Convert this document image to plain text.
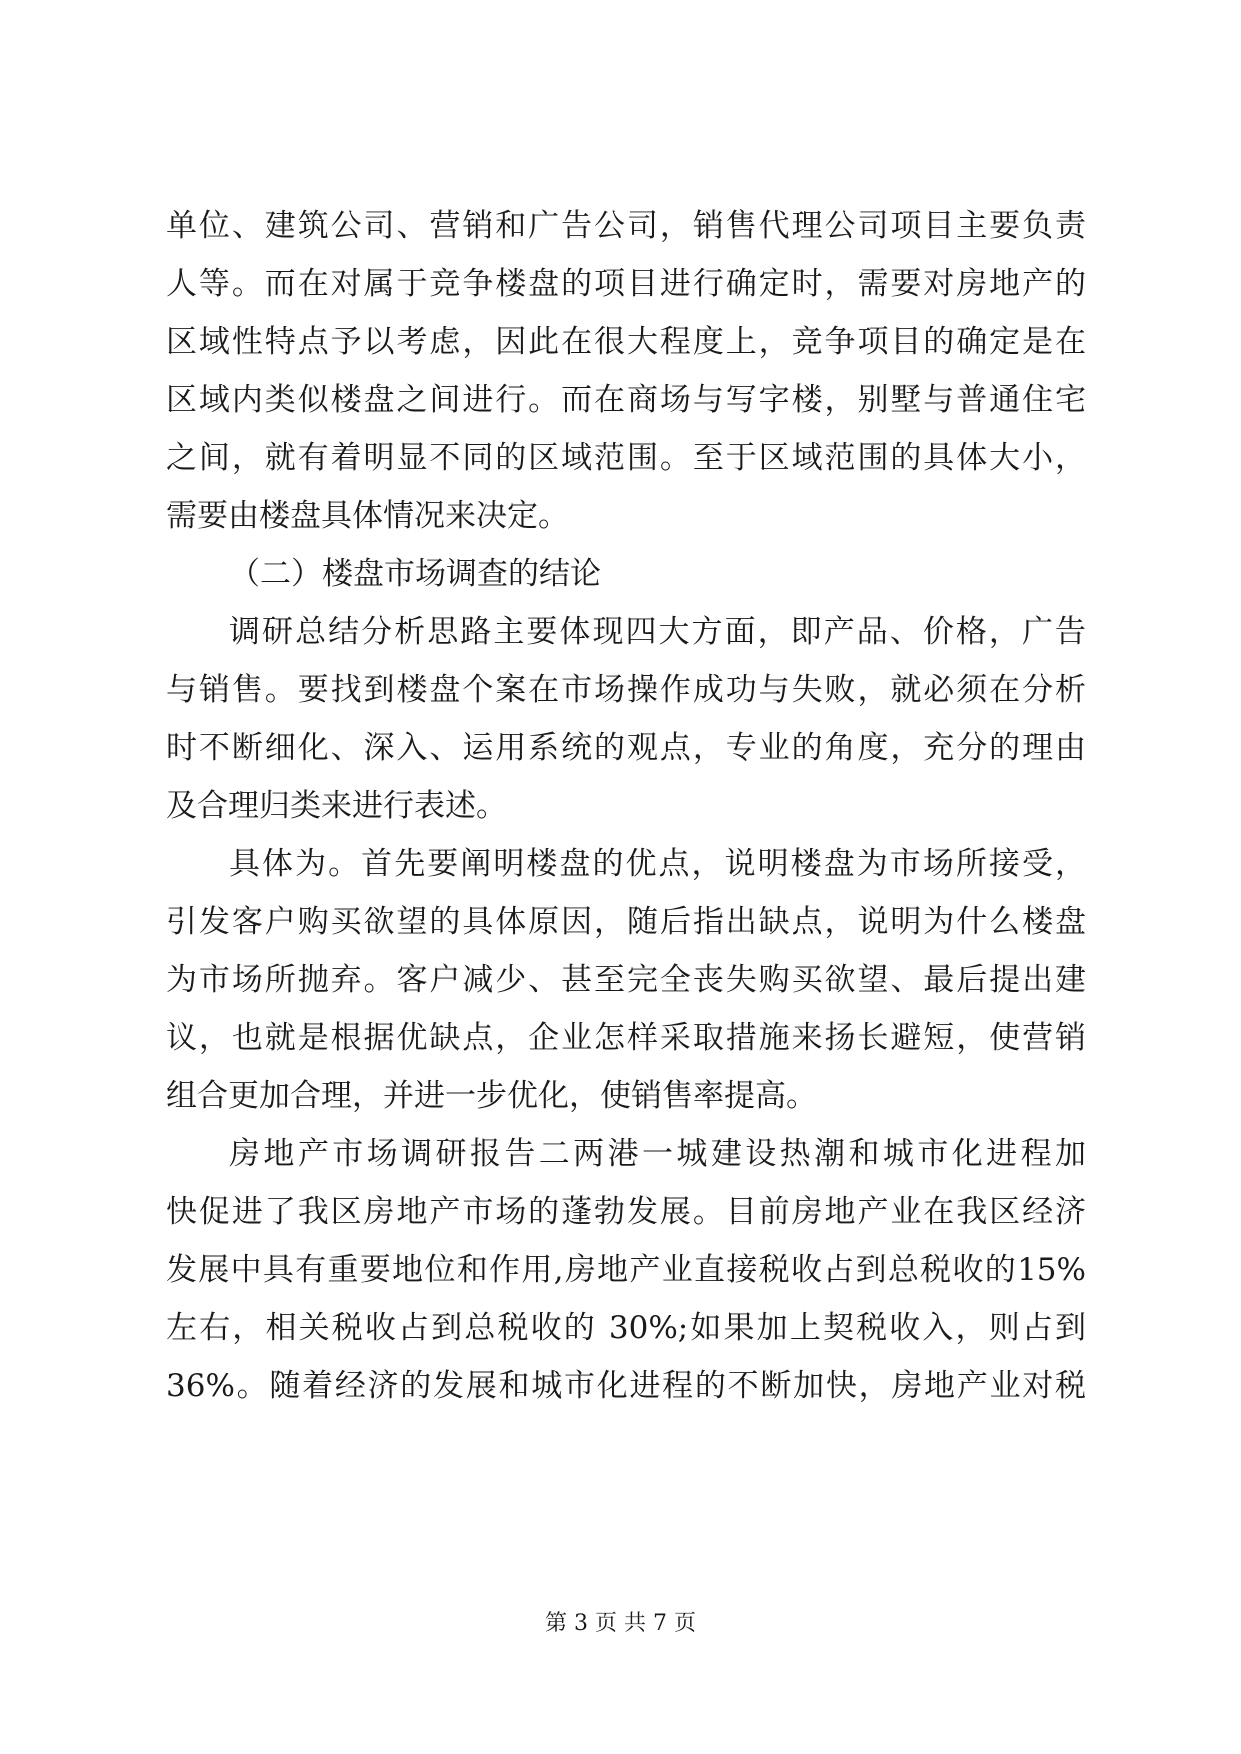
单位、建筑公司、营销和广告公司，销售代理公司项目主要负责
人等。而在对属于竞争楼盘的项目进行确定时，需要对房地产的
区域性特点予以考虑，因此在很大程度上，竞争项目的确定是在
区域内类似楼盘之间进行。而在商场与写字楼，别墅与普通住宅
之间，就有着明显不同的区域范围。至于区域范围的具体大小，
需要由楼盘具体情况来决定。
（二）楼盘市场调查的结论
调研总结分析思路主要体现四大方面，即产品、价格，广告
与销售。要找到楼盘个案在市场操作成功与失败，就必须在分析
时不断细化、深入、运用系统的观点，专业的角度，充分的理由
及合理归类来进行表述。
具体为。首先要阐明楼盘的优点，说明楼盘为市场所接受，
引发客户购买欲望的具体原因，随后指出缺点，说明为什么楼盘
为市场所抛弃。客户减少、甚至完全丧失购买欲望、最后提出建
议，也就是根据优缺点，企业怎样采取措施来扬长避短，使营销
组合更加合理，并进一步优化，使销售率提高。
房地产市场调研报告二两港一城建设热潮和城市化进程加
快促进了我区房地产市场的蓬勃发展。目前房地产业在我区经济
发展中具有重要地位和作用,房地产业直接税收占到总税收的15%
左右，相关税收占到总税收的 30%;如果加上契税收入，则占到
36%。随着经济的发展和城市化进程的不断加快，房地产业对税
第 3 页 共 7 页
